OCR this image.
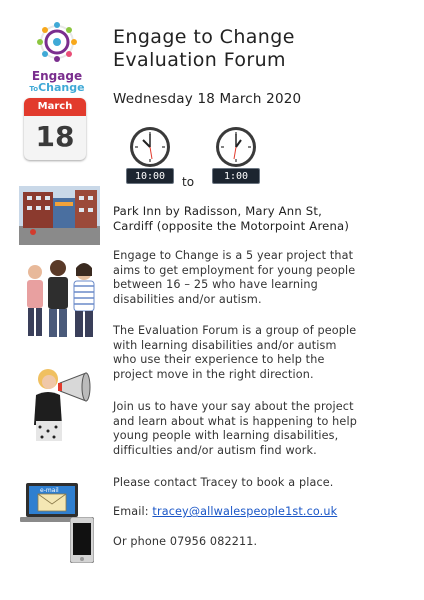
Engage
ToChange
Engage to Change
Evaluation Forum
March
18
Wednesday 18 March 2020
10:00	to	1:00
Park Inn by Radisson, Mary Ann St,
Cardiff (opposite the Motorpoint Arena)
Engage to Change is a 5 year project that
aims to get employment for young people
between 16 – 25 who have learning
disabilities and/or autism.
The Evaluation Forum is a group of people
with learning disabilities and/or autism
who use their experience to help the
project move in the right direction.
Join us to have your say about the project
and learn about what is happening to help
young people with learning disabilities,
difficulties and/or autism find work.
Please contact Tracey to book a place.
Email: tracey@allwalespeople1st.co.uk
Or phone 07956 082211.
e-mail
